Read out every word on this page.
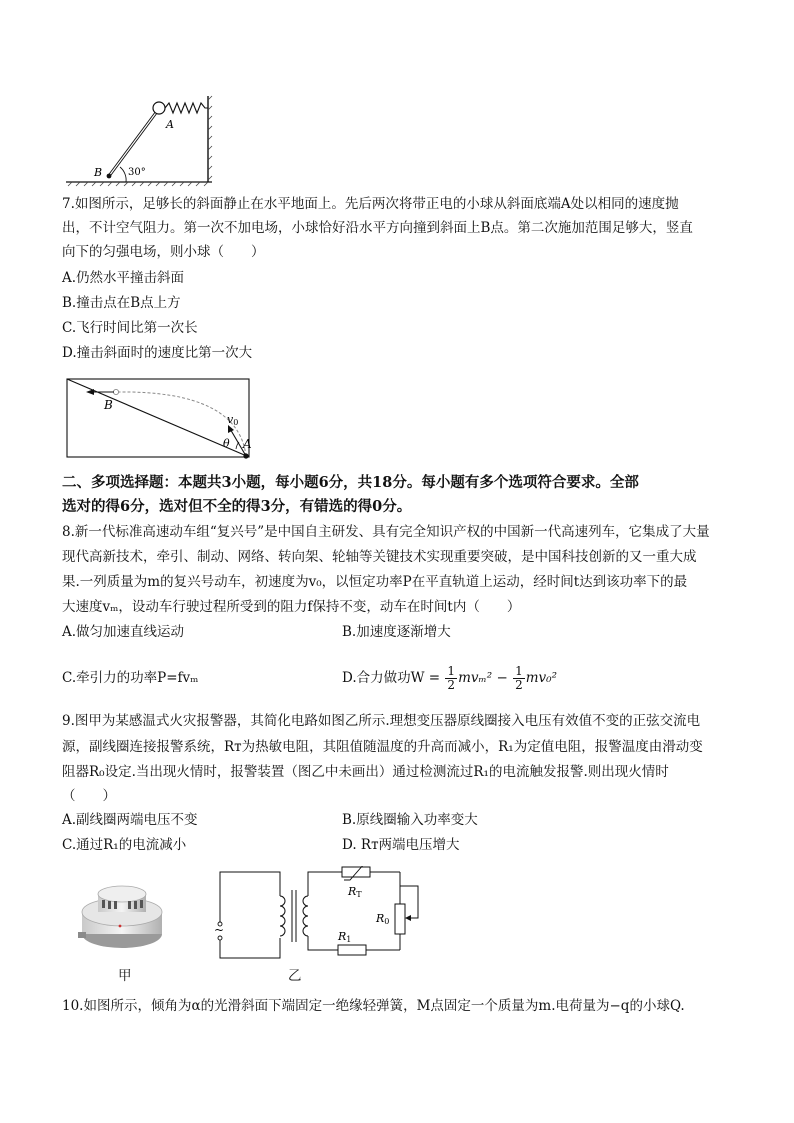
A
B	30°
7.如图所示，足够长的斜面静止在水平地面上。先后两次将带正电的小球从斜面底端A处以相同的速度抛
出，不计空气阻力。第一次不加电场，小球恰好沿水平方向撞到斜面上B点。第二次施加范围足够大，竖直
向下的匀强电场，则小球（　　）
A.仍然水平撞击斜面
B.撞击点在B点上方
C.飞行时间比第一次长
D.撞击斜面时的速度比第一次大
B
A
v0
θ
二、多项选择题：本题共3小题，每小题6分，共18分。每小题有多个选项符合要求。全部
选对的得6分，选对但不全的得3分，有错选的得0分。
8.新一代标准高速动车组“复兴号”是中国自主研发、具有完全知识产权的中国新一代高速列车，它集成了大量
现代高新技术，牵引、制动、网络、转向架、轮轴等关键技术实现重要突破，是中国科技创新的又一重大成
果.一列质量为m的复兴号动车，初速度为v₀，以恒定功率P在平直轨道上运动，经时间t达到该功率下的最
大速度vₘ，设动车行驶过程所受到的阻力f保持不变，动车在时间t内（　　）
A.做匀加速直线运动	B.加速度逐渐增大
C.牵引力的功率P=fvₘ	D.合力做功$W = \frac{1}{2} mv_m^2 - \frac{1}{2} mv_0^2$
9.图甲为某感温式火灾报警器，其简化电路如图乙所示.理想变压器原线圈接入电压有效值不变的正弦交流电
源，副线圈连接报警系统，Rт为热敏电阻，其阻值随温度的升高而减小，R₁为定值电阻，报警温度由滑动变
阻器R₀设定.当出现火情时，报警装置（图乙中未画出）通过检测流过R₁的电流触发报警.则出现火情时
（　　）
A.副线圈两端电压不变	B.原线圈输入功率变大
C.通过R₁的电流减小	D. Rт两端电压增大
甲
~
RT
R0
R1
乙
10.如图所示，倾角为α的光滑斜面下端固定一绝缘轻弹簧，M点固定一个质量为m.电荷量为−q的小球Q.
